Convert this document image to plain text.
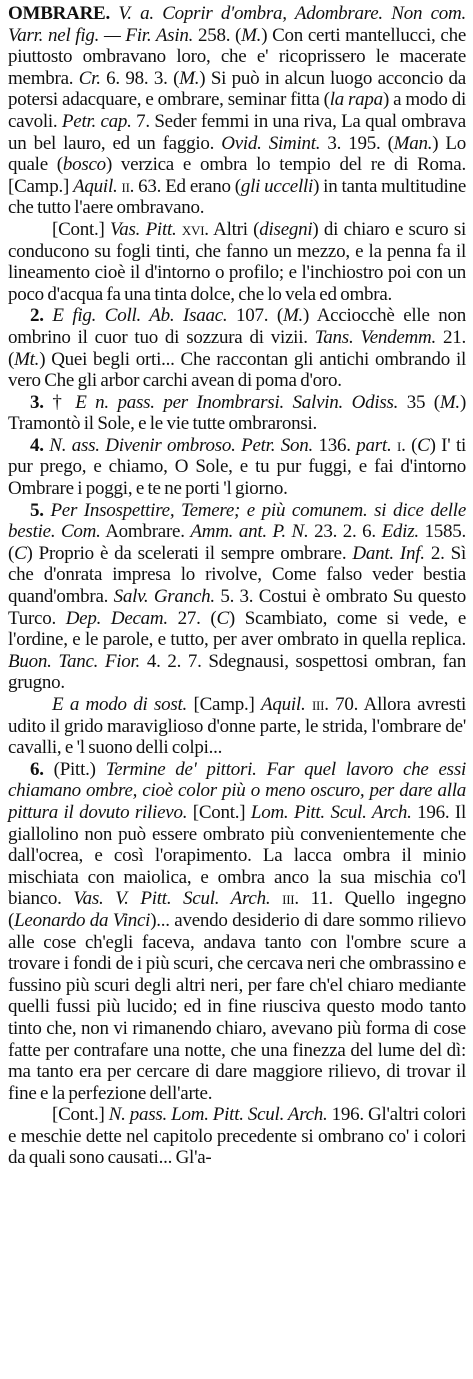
OMBRARE. V. a. Coprir d'ombra, Adombrare. Non com. Varr. nel fig. — Fir. Asin. 258. (M.) Con certi mantellucci, che piuttosto ombravano loro, che e' ricoprissero le macerate membra. Cr. 6. 98. 3. (M.) Si può in alcun luogo acconcio da potersi adacquare, e ombrare, seminar fitta (la rapa) a modo di cavoli. Petr. cap. 7. Seder femmi in una riva, La qual ombrava un bel lauro, ed un faggio. Ovid. Simint. 3. 195. (Man.) Lo quale (bosco) verzica e ombra lo tempio del re di Roma. [Camp.] Aquil. ii. 63. Ed erano (gli uccelli) in tanta multitudine che tutto l'aere ombravano.

[Cont.] Vas. Pitt. xvi. Altri (disegni) di chiaro e scuro si conducono su fogli tinti, che fanno un mezzo, e la penna fa il lineamento cioè il d'intorno o profilo; e l'inchiostro poi con un poco d'acqua fa una tinta dolce, che lo vela ed ombra.

2. E fig. Coll. Ab. Isaac. 107. (M.) Acciocchè elle non ombrino il cuor tuo di sozzura di vizii. Tans. Vendemm. 21. (Mt.) Quei begli orti... Che raccontan gli antichi ombrando il vero Che gli arbor carchi avean di poma d'oro.

3. † E n. pass. per Inombrarsi. Salvin. Odiss. 35 (M.) Tramontò il Sole, e le vie tutte ombraronsi.

4. N. ass. Divenir ombroso. Petr. Son. 136. part. i. (C) I' ti pur prego, e chiamo, O Sole, e tu pur fuggi, e fai d'intorno Ombrare i poggi, e te ne porti 'l giorno.

5. Per Insospettire, Temere; e più comunem. si dice delle bestie. Com. Aombrare. Amm. ant. P. N. 23. 2. 6. Ediz. 1585. (C) Proprio è da scelerati il sempre ombrare. Dant. Inf. 2. Sì che d'onrata impresa lo rivolve, Come falso veder bestia quand'ombra. Salv. Granch. 5. 3. Costui è ombrato Su questo Turco. Dep. Decam. 27. (C) Scambiato, come si vede, e l'ordine, e le parole, e tutto, per aver ombrato in quella replica. Buon. Tanc. Fior. 4. 2. 7. Sdegnausi, sospettosi ombran, fan grugno.

E a modo di sost. [Camp.] Aquil. iii. 70. Allora avresti udito il grido maraviglioso d'onne parte, le strida, l'ombrare de' cavalli, e 'l suono delli colpi...

6. (Pitt.) Termine de' pittori. Far quel lavoro che essi chiamano ombre, cioè color più o meno oscuro, per dare alla pittura il dovuto rilievo. [Cont.] Lom. Pitt. Scul. Arch. 196. Il giallolino non può essere ombrato più convenientemente che dall'ocrea, e così l'orapimento. La lacca ombra il minio mischiata con maiolica, e ombra anco la sua mischia co'l bianco. Vas. V. Pitt. Scul. Arch. iii. 11. Quello ingegno (Leonardo da Vinci)... avendo desiderio di dare sommo rilievo alle cose ch'egli faceva, andava tanto con l'ombre scure a trovare i fondi de i più scuri, che cercava neri che ombrassino e fussino più scuri degli altri neri, per fare ch'el chiaro mediante quelli fussi più lucido; ed in fine riusciva questo modo tanto tinto che, non vi rimanendo chiaro, avevano più forma di cose fatte per contrafare una notte, che una finezza del lume del dì: ma tanto era per cercare di dare maggiore rilievo, di trovar il fine e la perfezione dell'arte.

[Cont.] N. pass. Lom. Pitt. Scul. Arch. 196. Gl'altri colori e meschie dette nel capitolo precedente si ombrano co' i colori da quali sono causati... Gl'a-
